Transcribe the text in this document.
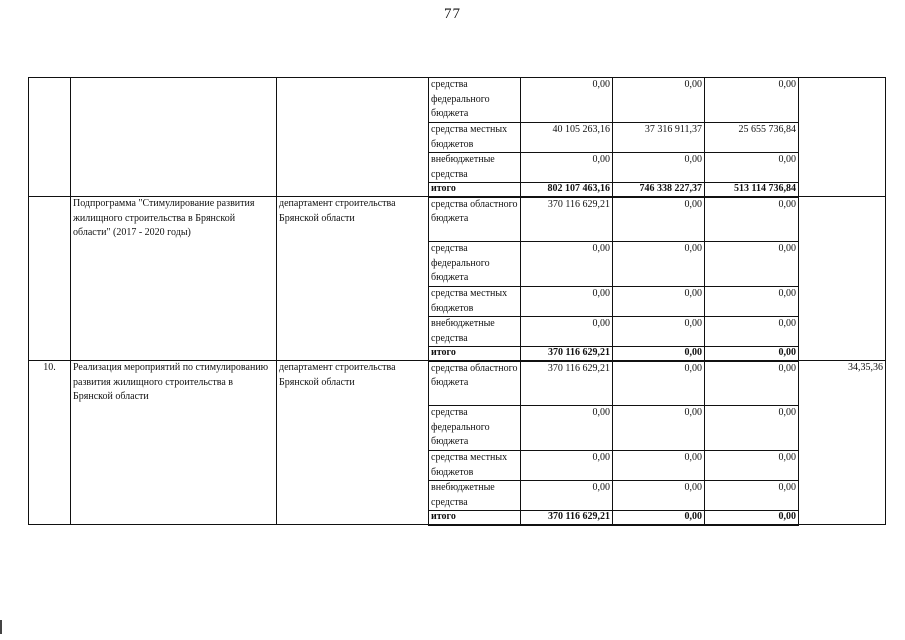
77
			средства федерального бюджета	0,00	0,00	0,00	
			средства местных бюджетов	40 105 263,16	37 316 911,37	25 655 736,84	
			внебюджетные средства	0,00	0,00	0,00	
			итого	802 107 463,16	746 338 227,37	513 114 736,84	
	Подпрограмма "Стимулирование развития жилищного строительства в Брянской области" (2017 - 2020 годы)	департамент строительства Брянской области	средства областного бюджета	370 116 629,21	0,00	0,00	
			средства федерального бюджета	0,00	0,00	0,00	
			средства местных бюджетов	0,00	0,00	0,00	
			внебюджетные средства	0,00	0,00	0,00	
			итого	370 116 629,21	0,00	0,00	
10.	Реализация мероприятий по стимулированию развития жилищного строительства в Брянской области	департамент строительства Брянской области	средства областного бюджета	370 116 629,21	0,00	0,00	34,35,36
			средства федерального бюджета	0,00	0,00	0,00	
			средства местных бюджетов	0,00	0,00	0,00	
			внебюджетные средства	0,00	0,00	0,00	
			итого	370 116 629,21	0,00	0,00	
